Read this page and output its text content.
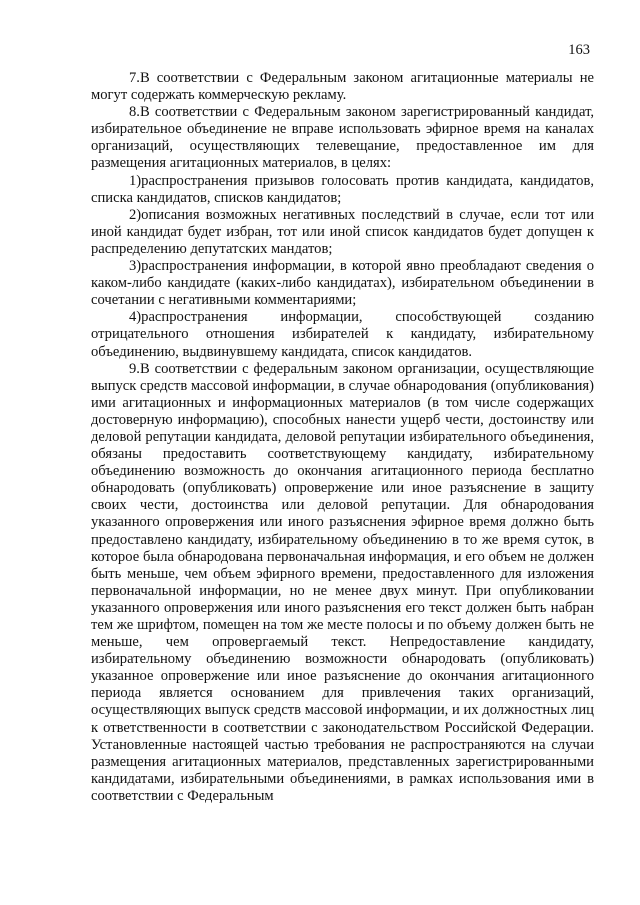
163

7.В соответствии с Федеральным законом агитационные материалы не могут содержать коммерческую рекламу.

8.В соответствии с Федеральным законом зарегистрированный кандидат, избирательное объединение не вправе использовать эфирное время на каналах организаций, осуществляющих телевещание, предоставленное им для размещения агитационных материалов, в целях:

1)распространения призывов голосовать против кандидата, кандидатов, списка кандидатов, списков кандидатов;

2)описания возможных негативных последствий в случае, если тот или иной кандидат будет избран, тот или иной список кандидатов будет допущен к распределению депутатских мандатов;

3)распространения информации, в которой явно преобладают сведения о каком-либо кандидате (каких-либо кандидатах), избирательном объединении в сочетании с негативными комментариями;

4)распространения информации, способствующей созданию отрицательного отношения избирателей к кандидату, избирательному объединению, выдвинувшему кандидата, список кандидатов.

9.В соответствии с федеральным законом организации, осуществляющие выпуск средств массовой информации, в случае обнародования (опубликования) ими агитационных и информационных материалов (в том числе содержащих достоверную информацию), способных нанести ущерб чести, достоинству или деловой репутации кандидата, деловой репутации избирательного объединения, обязаны предоставить соответствующему кандидату, избирательному объединению возможность до окончания агитационного периода бесплатно обнародовать (опубликовать) опровержение или иное разъяснение в защиту своих чести, достоинства или деловой репутации. Для обнародования указанного опровержения или иного разъяснения эфирное время должно быть предоставлено кандидату, избирательному объединению в то же время суток, в которое была обнародована первоначальная информация, и его объем не должен быть меньше, чем объем эфирного времени, предоставленного для изложения первоначальной информации, но не менее двух минут. При опубликовании указанного опровержения или иного разъяснения его текст должен быть набран тем же шрифтом, помещен на том же месте полосы и по объему должен быть не меньше, чем опровергаемый текст. Непредоставление кандидату, избирательному объединению возможности обнародовать (опубликовать) указанное опровержение или иное разъяснение до окончания агитационного периода является основанием для привлечения таких организаций, осуществляющих выпуск средств массовой информации, и их должностных лиц к ответственности в соответствии с законодательством Российской Федерации. Установленные настоящей частью требования не распространяются на случаи размещения агитационных материалов, представленных зарегистрированными кандидатами, избирательными объединениями, в рамках использования ими в соответствии с Федеральным
